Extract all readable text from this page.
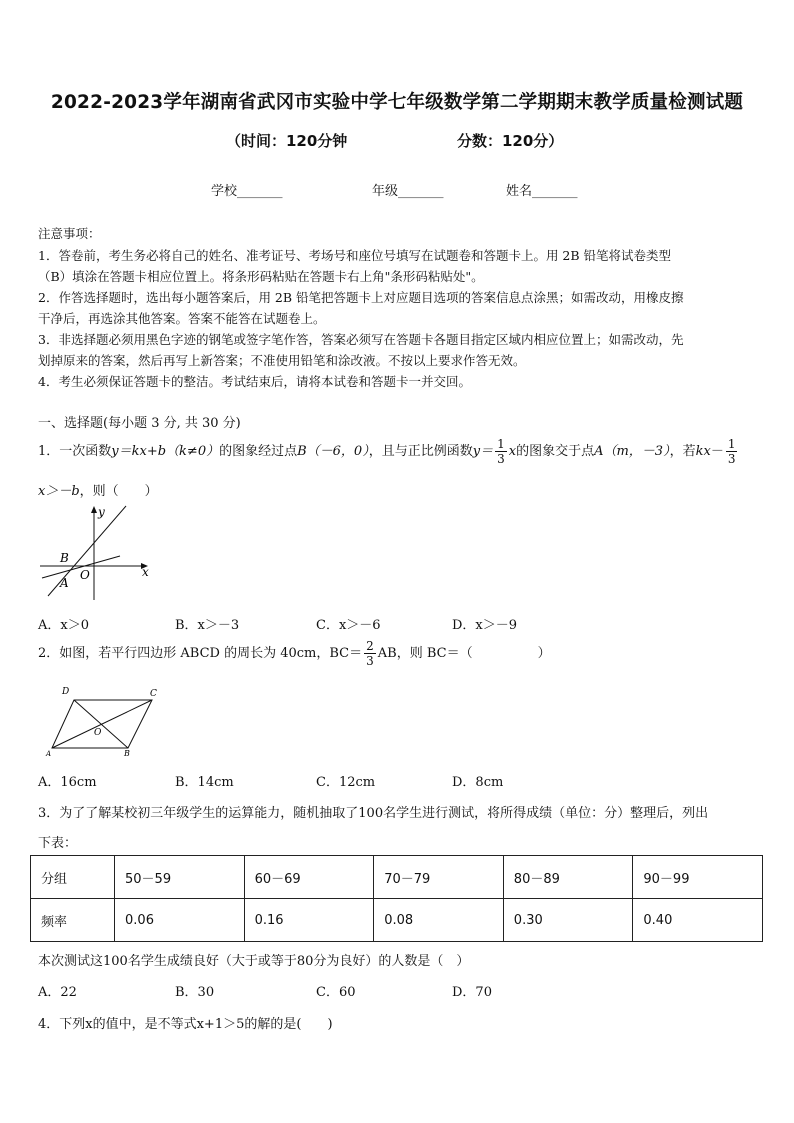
2022-2023学年湖南省武冈市实验中学七年级数学第二学期期末教学质量检测试题
（时间：120分钟	分数：120分）
学校_______	年级_______	姓名_______
注意事项：
1．答卷前，考生务必将自己的姓名、准考证号、考场号和座位号填写在试题卷和答题卡上。用 2B 铅笔将试卷类型
（B）填涂在答题卡相应位置上。将条形码粘贴在答题卡右上角"条形码粘贴处"。
2．作答选择题时，选出每小题答案后，用 2B 铅笔把答题卡上对应题目选项的答案信息点涂黑；如需改动，用橡皮擦
干净后，再选涂其他答案。答案不能答在试题卷上。
3．非选择题必须用黑色字迹的钢笔或签字笔作答，答案必须写在答题卡各题目指定区域内相应位置上；如需改动，先
划掉原来的答案，然后再写上新答案；不准使用铅笔和涂改液。不按以上要求作答无效。
4．考生必须保证答题卡的整洁。考试结束后，请将本试卷和答题卡一并交回。
一、选择题(每小题 3 分, 共 30 分)
1．一次函数y＝kx+b（k≠0）的图象经过点B（－6，0），且与正比例函数$y= \frac{1}{3}$ x的图象交于点A（m，－3），若$kx- \frac{1}{3}$
x＞－b，则（　　）
y
x
B
A
O
A．x＞0	B．x＞－3	C．x＞－6	D．x＞－9
2．如图，若平行四边形 ABCD 的周长为 40cm，$BC= \frac{2}{3}$ AB，则 BC＝（　　　　　）
D	C
A	B
O
A．16cm	B．14cm	C．12cm	D．8cm
3．为了了解某校初三年级学生的运算能力，随机抽取了100名学生进行测试，将所得成绩（单位：分）整理后，列出
下表：
分组	50－59	60－69	70－79	80－89	90－99
频率	0.06	0.16	0.08	0.30	0.40
本次测试这100名学生成绩良好（大于或等于80分为良好）的人数是（　）
A．22	B．30	C．60	D．70
4．下列x的值中，是不等式x+1＞5的解的是(　　)
